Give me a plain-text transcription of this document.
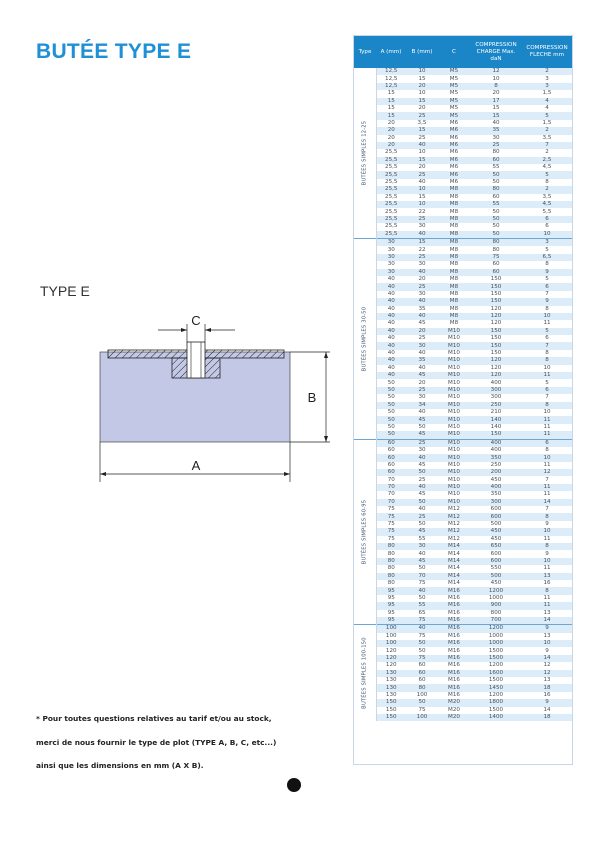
BUTÉE TYPE E
TYPE E
C
B
A
* Pour toutes questions relatives au tarif et/ou au stock,
merci de nous fournir le type de plot (TYPE A, B, C, etc...)
ainsi que les dimensions en mm (A X B).
Type	A (mm)	B (mm)	C	COMPRESSION CHARGE Max. daN	COMPRESSION FLECHE mm

BUTÉES SIMPLES 12-25	12,5	10	M5	12	2
	12,5	15	M5	10	3
	12,5	20	M5	8	3
	15	10	M5	20	1,5
	15	15	M5	17	4
	15	20	M5	15	4
	15	25	M5	15	5
	20	3,5	M6	40	1,5
	20	15	M6	35	2
	20	25	M6	30	3,5
	20	40	M6	25	7
	25,5	10	M6	80	2
	25,5	15	M6	60	2,5
	25,5	20	M6	55	4,5
	25,5	25	M6	50	5
	25,5	40	M6	50	8
	25,5	10	M8	80	2
	25,5	15	M8	60	3,5
	25,5	10	M8	55	4,5
	25,5	22	M8	50	5,5
	25,5	25	M8	50	6
	25,5	30	M8	50	6
	25,5	40	M8	50	10

BUTÉES SIMPLES 30-50	30	15	M8	80	3
	30	22	M8	80	5
	30	25	M8	75	6,5
	30	30	M8	60	8
	30	40	M8	60	9
	40	20	M8	150	5
	40	25	M8	150	6
	40	30	M8	150	7
	40	40	M8	150	9
	40	35	M8	120	8
	40	40	M8	120	10
	40	45	M8	120	11
	40	20	M10	150	5
	40	25	M10	150	6
	40	30	M10	150	7
	40	40	M10	150	8
	40	35	M10	120	8
	40	40	M10	120	10
	40	45	M10	120	11
	50	20	M10	400	5
	50	25	M10	300	6
	50	30	M10	300	7
	50	34	M10	250	8
	50	40	M10	210	10
	50	45	M10	140	11
	50	50	M10	140	11
	50	45	M10	150	11

BUTÉES SIMPLES 60-95	60	25	M10	400	6
	60	30	M10	400	8
	60	40	M10	350	10
	60	45	M10	250	11
	60	50	M10	200	12
	70	25	M10	450	7
	70	40	M10	400	11
	70	45	M10	350	11
	70	50	M10	300	14
	75	40	M12	600	7
	75	25	M12	600	8
	75	50	M12	500	9
	75	45	M12	450	10
	75	55	M12	450	11
	80	30	M14	650	8
	80	40	M14	600	9
	80	45	M14	600	10
	80	50	M14	550	11
	80	70	M14	500	13
	80	75	M14	450	16
	95	40	M16	1200	8
	95	50	M16	1000	11
	95	55	M16	900	11
	95	65	M16	800	13
	95	75	M16	700	14

BUTÉES SIMPLES 100-150	100	40	M16	1200	9
	100	75	M16	1000	13
	100	50	M16	1000	10
	120	50	M16	1500	9
	120	75	M16	1500	14
	120	60	M16	1200	12
	130	60	M16	1600	12
	130	60	M16	1500	13
	130	80	M16	1450	18
	130	100	M16	1200	16
	150	50	M20	1800	9
	150	75	M20	1500	14
	150	100	M20	1400	18
